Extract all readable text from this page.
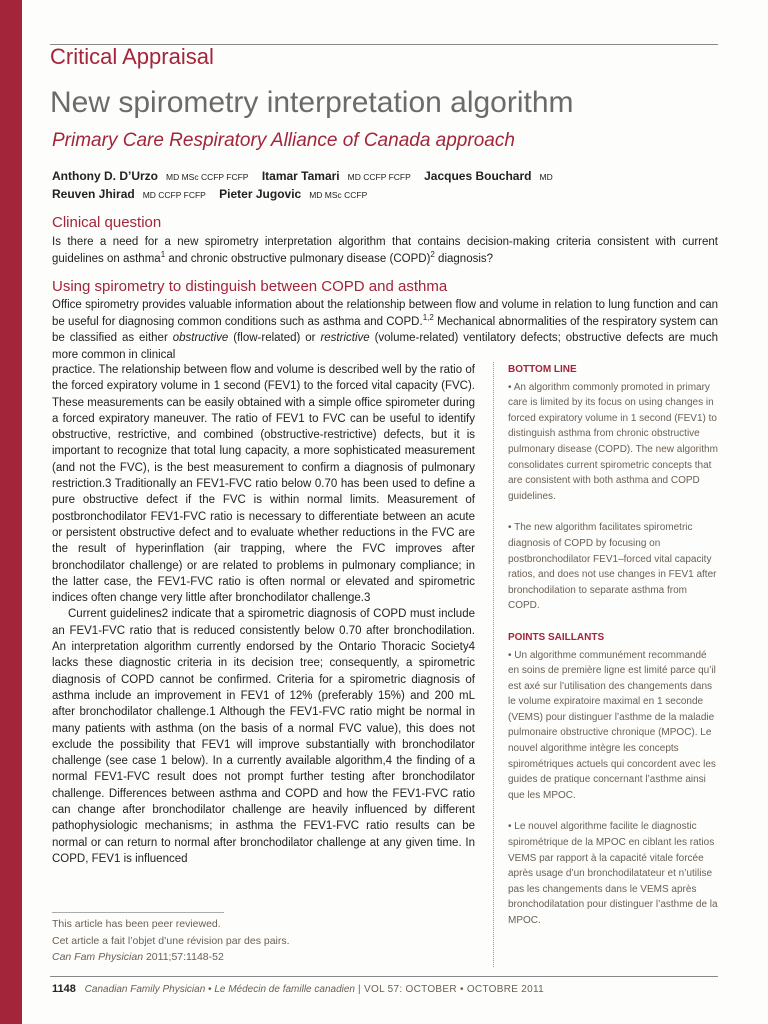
Critical Appraisal
New spirometry interpretation algorithm
Primary Care Respiratory Alliance of Canada approach
Anthony D. D’Urzo MD MSc CCFP FCFP Itamar Tamari MD CCFP FCFP Jacques Bouchard MD
Reuven Jhirad MD CCFP FCFP Pieter Jugovic MD MSc CCFP
Clinical question
Is there a need for a new spirometry interpretation algorithm that contains decision-making criteria consistent with current guidelines on asthma$^1$ and chronic obstructive pulmonary disease (COPD)$^2$ diagnosis?
Using spirometry to distinguish between COPD and asthma
Office spirometry provides valuable information about the relationship between flow and volume in relation to lung function and can be useful for diagnosing common conditions such as asthma and COPD.$^{1,2}$ Mechanical abnormalities of the respiratory system can be classified as either obstructive (flow-related) or restrictive (volume-related) ventilatory defects; obstructive defects are much more common in clinical

practice. The relationship between flow and volume is described well by the ratio of the forced expiratory volume in 1 second (FEV1) to the forced vital capacity (FVC). These measurements can be easily obtained with a simple office spirometer during a forced expiratory maneuver. The ratio of FEV1 to FVC can be useful to identify obstructive, restrictive, and combined (obstructive-restrictive) defects, but it is important to recognize that total lung capacity, a more sophisticated measurement (and not the FVC), is the best measurement to confirm a diagnosis of pulmonary restriction.3 Traditionally an FEV1-FVC ratio below 0.70 has been used to define a pure obstructive defect if the FVC is within normal limits. Measurement of postbronchodilator FEV1-FVC ratio is necessary to differentiate between an acute or persistent obstructive defect and to evaluate whether reductions in the FVC are the result of hyperinflation (air trapping, where the FVC improves after bronchodilator challenge) or are related to problems in pulmonary compliance; in the latter case, the FEV1-FVC ratio is often normal or elevated and spirometric indices often change very little after bronchodilator challenge.3

Current guidelines2 indicate that a spirometric diagnosis of COPD must include an FEV1-FVC ratio that is reduced consistently below 0.70 after bronchodilation. An interpretation algorithm currently endorsed by the Ontario Thoracic Society4 lacks these diagnostic criteria in its decision tree; consequently, a spirometric diagnosis of COPD cannot be confirmed. Criteria for a spirometric diagnosis of asthma include an improvement in FEV1 of 12% (preferably 15%) and 200 mL after bronchodilator challenge.1 Although the FEV1-FVC ratio might be normal in many patients with asthma (on the basis of a normal FVC value), this does not exclude the possibility that FEV1 will improve substantially with bronchodilator challenge (see case 1 below). In a currently available algorithm,4 the finding of a normal FEV1-FVC result does not prompt further testing after bronchodilator challenge. Differences between asthma and COPD and how the FEV1-FVC ratio can change after bronchodilator challenge are heavily influenced by different pathophysiologic mechanisms; in asthma the FEV1-FVC ratio results can be normal or can return to normal after bronchodilator challenge at any given time. In COPD, FEV1 is influenced

BOTTOM LINE

• An algorithm commonly promoted in primary care is limited by its focus on using changes in forced expiratory volume in 1 second (FEV1) to distinguish asthma from chronic obstructive pulmonary disease (COPD). The new algorithm consolidates current spirometric concepts that are consistent with both asthma and COPD guidelines.

• The new algorithm facilitates spirometric diagnosis of COPD by focusing on postbronchodilator FEV1–forced vital capacity ratios, and does not use changes in FEV1 after bronchodilation to separate asthma from COPD.

POINTS SAILLANTS

• Un algorithme communément recommandé en soins de première ligne est limité parce qu’il est axé sur l’utilisation des changements dans le volume expiratoire maximal en 1 seconde (VEMS) pour distinguer l’asthme de la maladie pulmonaire obstructive chronique (MPOC). Le nouvel algorithme intègre les concepts spirométriques actuels qui concordent avec les guides de pratique concernant l’asthme ainsi que les MPOC.

• Le nouvel algorithme facilite le diagnostic spirométrique de la MPOC en ciblant les ratios VEMS par rapport à la capacité vitale forcée après usage d’un bronchodilatateur et n’utilise pas les changements dans le VEMS après bronchodilatation pour distinguer l’asthme de la MPOC.

This article has been peer reviewed.
Cet article a fait l’objet d’une révision par des pairs.
Can Fam Physician 2011;57:1148-52
1148 Canadian Family Physician • Le Médecin de famille canadien | VOL 57: OCTOBER • OCTOBRE 2011
